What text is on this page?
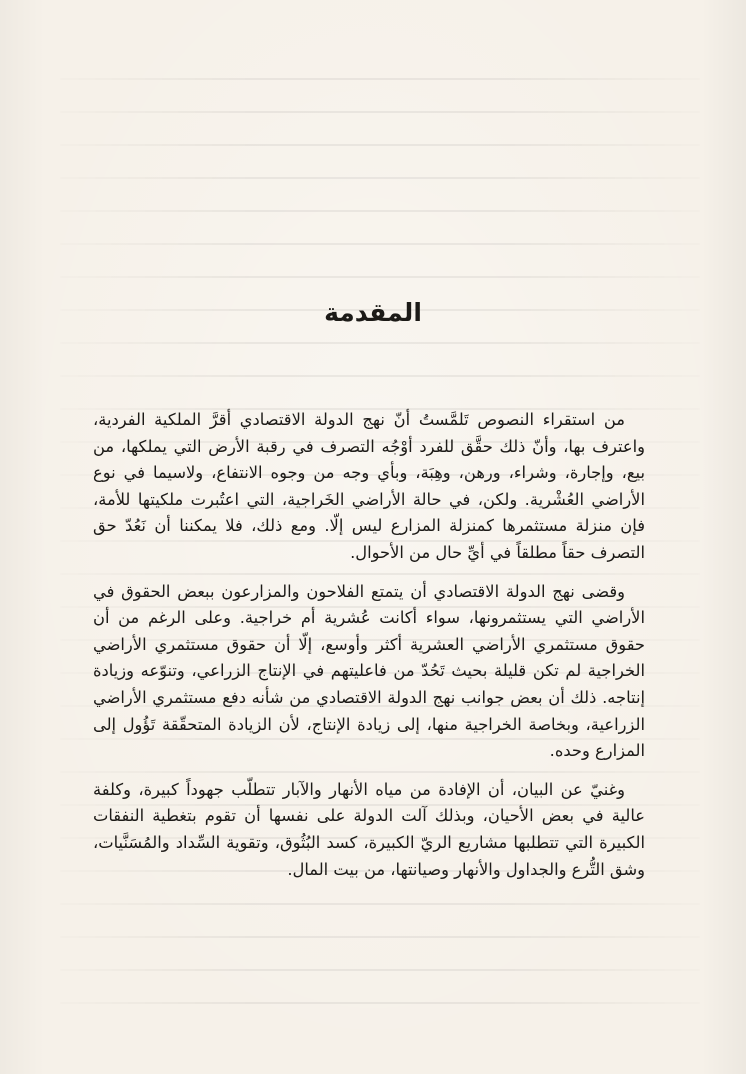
المقدمة

من استقراء النصوص تَلمَّستُ أنّ نهج الدولة الاقتصادي أقرَّ الملكية الفردية، واعترف بها، وأنّ ذلك حقَّق للفرد أوْجُه التصرف في رقبة الأرض التي يملكها، من بيع، وإجارة، وشراء، ورهن، وهِبَة، وبأي وجه من وجوه الانتفاع، ولاسيما في نوع الأراضي العُشْرية. ولكن، في حالة الأراضي الخَراجية، التي اعتُبرت ملكيتها للأمة، فإن منزلة مستثمرها كمنزلة المزارع ليس إلّا. ومع ذلك، فلا يمكننا أن نَعُدّ حق التصرف حقاً مطلقاً في أيِّ حال من الأحوال.

وقضى نهج الدولة الاقتصادي أن يتمتع الفلاحون والمزارعون ببعض الحقوق في الأراضي التي يستثمرونها، سواء أكانت عُشرية أم خراجية. وعلى الرغم من أن حقوق مستثمري الأراضي العشرية أكثر وأوسع، إلّا أن حقوق مستثمري الأراضي الخراجية لم تكن قليلة بحيث تَحُدّ من فاعليتهم في الإنتاج الزراعي، وتنوّعه وزيادة إنتاجه. ذلك أن بعض جوانب نهج الدولة الاقتصادي من شأنه دفع مستثمري الأراضي الزراعية، وبخاصة الخراجية منها، إلى زيادة الإنتاج، لأن الزيادة المتحقّقة تَؤُول إلى المزارع وحده.

وغنيّ عن البيان، أن الإفادة من مياه الأنهار والآبار تتطلّب جهوداً كبيرة، وكلفة عالية في بعض الأحيان، وبذلك آلت الدولة على نفسها أن تقوم بتغطية النفقات الكبيرة التي تتطلبها مشاريع الريّ الكبيرة، كسد البُثُوق، وتقوية السِّداد والمُسَنَّيات، وشق التُّرع والجداول والأنهار وصيانتها، من بيت المال.
